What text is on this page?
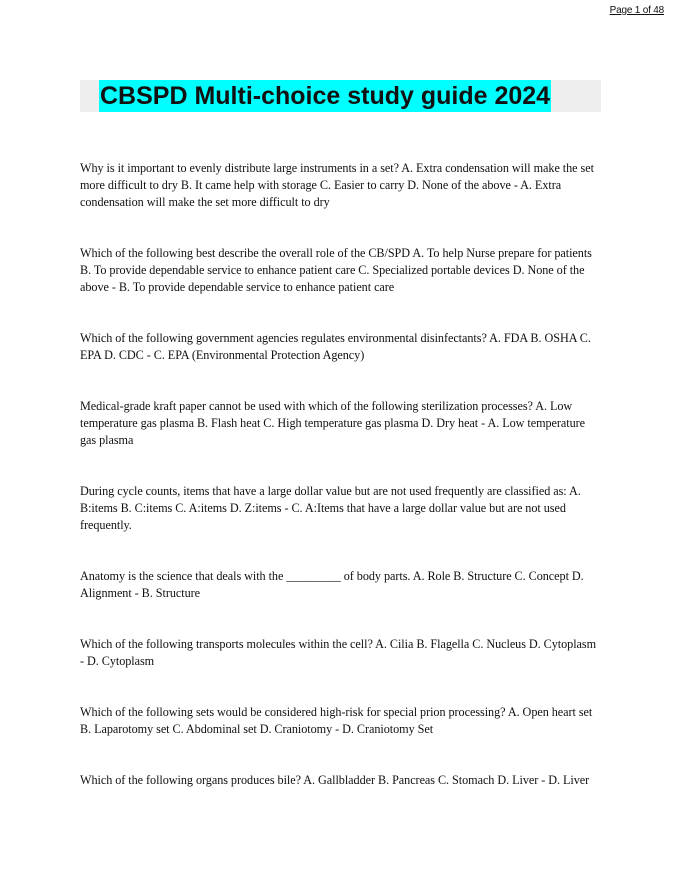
Page 1 of 48
CBSPD Multi-choice study guide 2024
Why is it important to evenly distribute large instruments in a set? A. Extra condensation will make the set more difficult to dry B. It came help with storage C. Easier to carry D. None of the above - A. Extra condensation will make the set more difficult to dry
Which of the following best describe the overall role of the CB/SPD A. To help Nurse prepare for patients B. To provide dependable service to enhance patient care C. Specialized portable devices D. None of the above - B. To provide dependable service to enhance patient care
Which of the following government agencies regulates environmental disinfectants? A. FDA B. OSHA C. EPA D. CDC - C. EPA (Environmental Protection Agency)
Medical-grade kraft paper cannot be used with which of the following sterilization processes? A. Low temperature gas plasma B. Flash heat C. High temperature gas plasma D. Dry heat - A. Low temperature gas plasma
During cycle counts, items that have a large dollar value but are not used frequently are classified as: A. B:items B. C:items C. A:items D. Z:items - C. A:Items that have a large dollar value but are not used frequently.
Anatomy is the science that deals with the _________ of body parts. A. Role B. Structure C. Concept D. Alignment - B. Structure
Which of the following transports molecules within the cell? A. Cilia B. Flagella C. Nucleus D. Cytoplasm - D. Cytoplasm
Which of the following sets would be considered high-risk for special prion processing? A. Open heart set B. Laparotomy set C. Abdominal set D. Craniotomy - D. Craniotomy Set
Which of the following organs produces bile? A. Gallbladder B. Pancreas C. Stomach D. Liver - D. Liver
